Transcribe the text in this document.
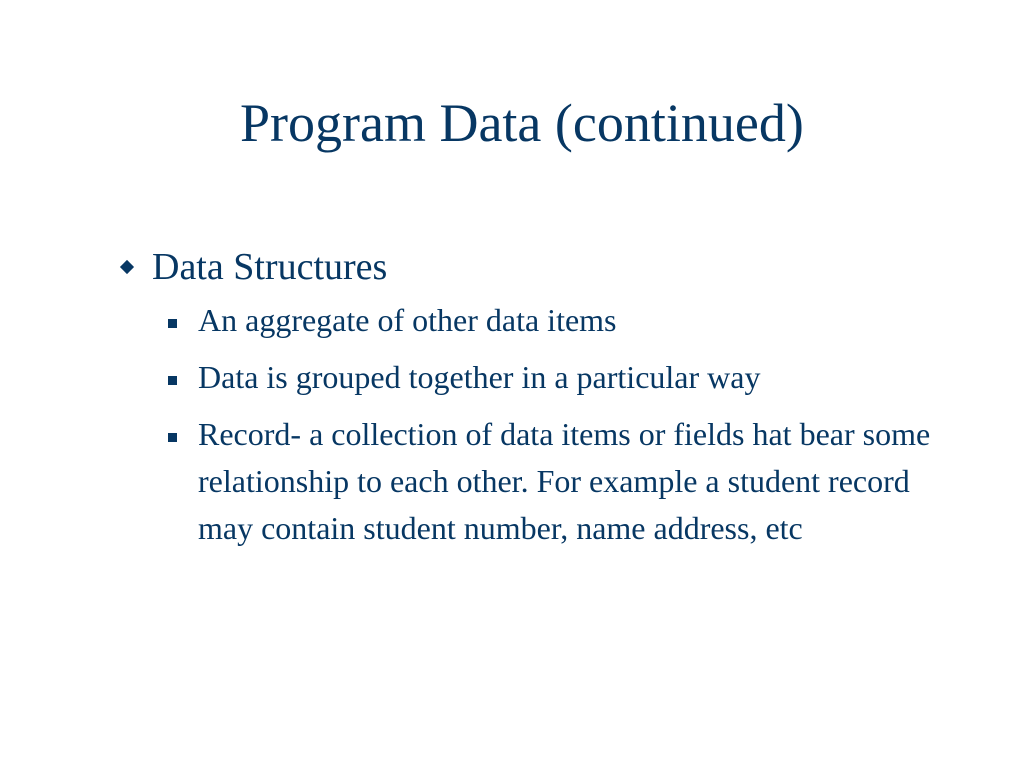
Program Data (continued)
Data Structures
An aggregate of other data items
Data is grouped together in a particular way
Record- a collection of data items or fields hat bear some relationship to each other. For example a student record may contain student number, name address, etc
